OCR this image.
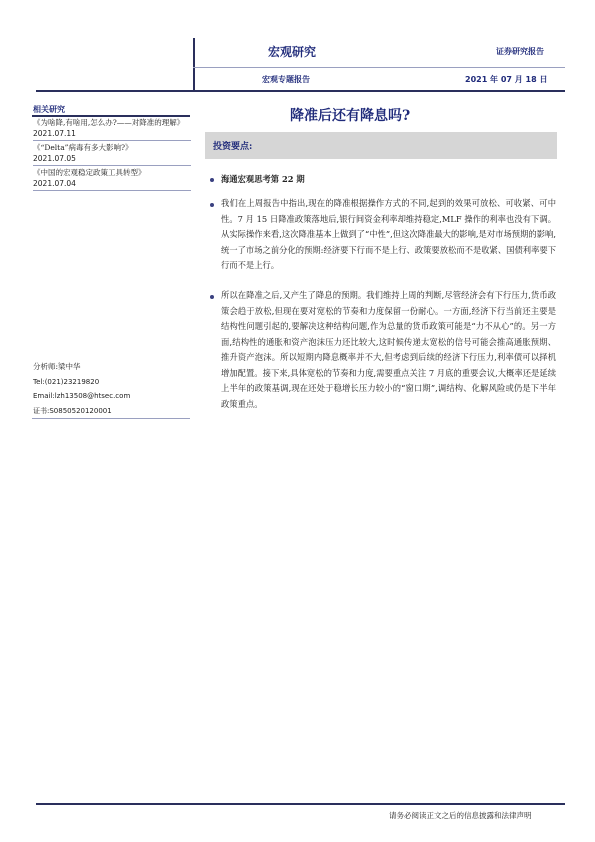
宏观研究
宏观专题报告
证券研究报告
2021 年 07 月 18 日
降准后还有降息吗?
投资要点:
相关研究
《为啥降,有啥用,怎么办?——对降准的理解》
2021.07.11
《“Delta”病毒有多大影响?》
2021.07.05
《中国的宏观稳定政策工具转型》
2021.07.04
分析师:梁中华
Tel:(021)23219820
Email:lzh13508@htsec.com
证书:S0850520120001
海通宏观思考第 22 期
我们在上周报告中指出,现在的降准根据操作方式的不同,起到的效果可放松、可收紧、可中性。7 月 15 日降准政策落地后,银行间资金利率却维持稳定,MLF 操作的利率也没有下调。从实际操作来看,这次降准基本上做到了“中性”,但这次降准最大的影响,是对市场预期的影响,统一了市场之前分化的预期:经济要下行而不是上行、政策要放松而不是收紧、国债利率要下行而不是上行。
所以在降准之后,又产生了降息的预期。我们维持上周的判断,尽管经济会有下行压力,货币政策会趋于放松,但现在要对宽松的节奏和力度保留一份耐心。一方面,经济下行当前还主要是结构性问题引起的,要解决这种结构问题,作为总量的货币政策可能是“力不从心”的。另一方面,结构性的通胀和资产泡沫压力还比较大,这时候传递太宽松的信号可能会推高通胀预期、推升资产泡沫。所以短期内降息概率并不大,但考虑到后续的经济下行压力,利率债可以择机增加配置。接下来,具体宽松的节奏和力度,需要重点关注 7 月底的重要会议,大概率还是延续上半年的政策基调,现在还处于稳增长压力较小的“窗口期”,调结构、化解风险或仍是下半年政策重点。
请务必阅读正文之后的信息披露和法律声明
